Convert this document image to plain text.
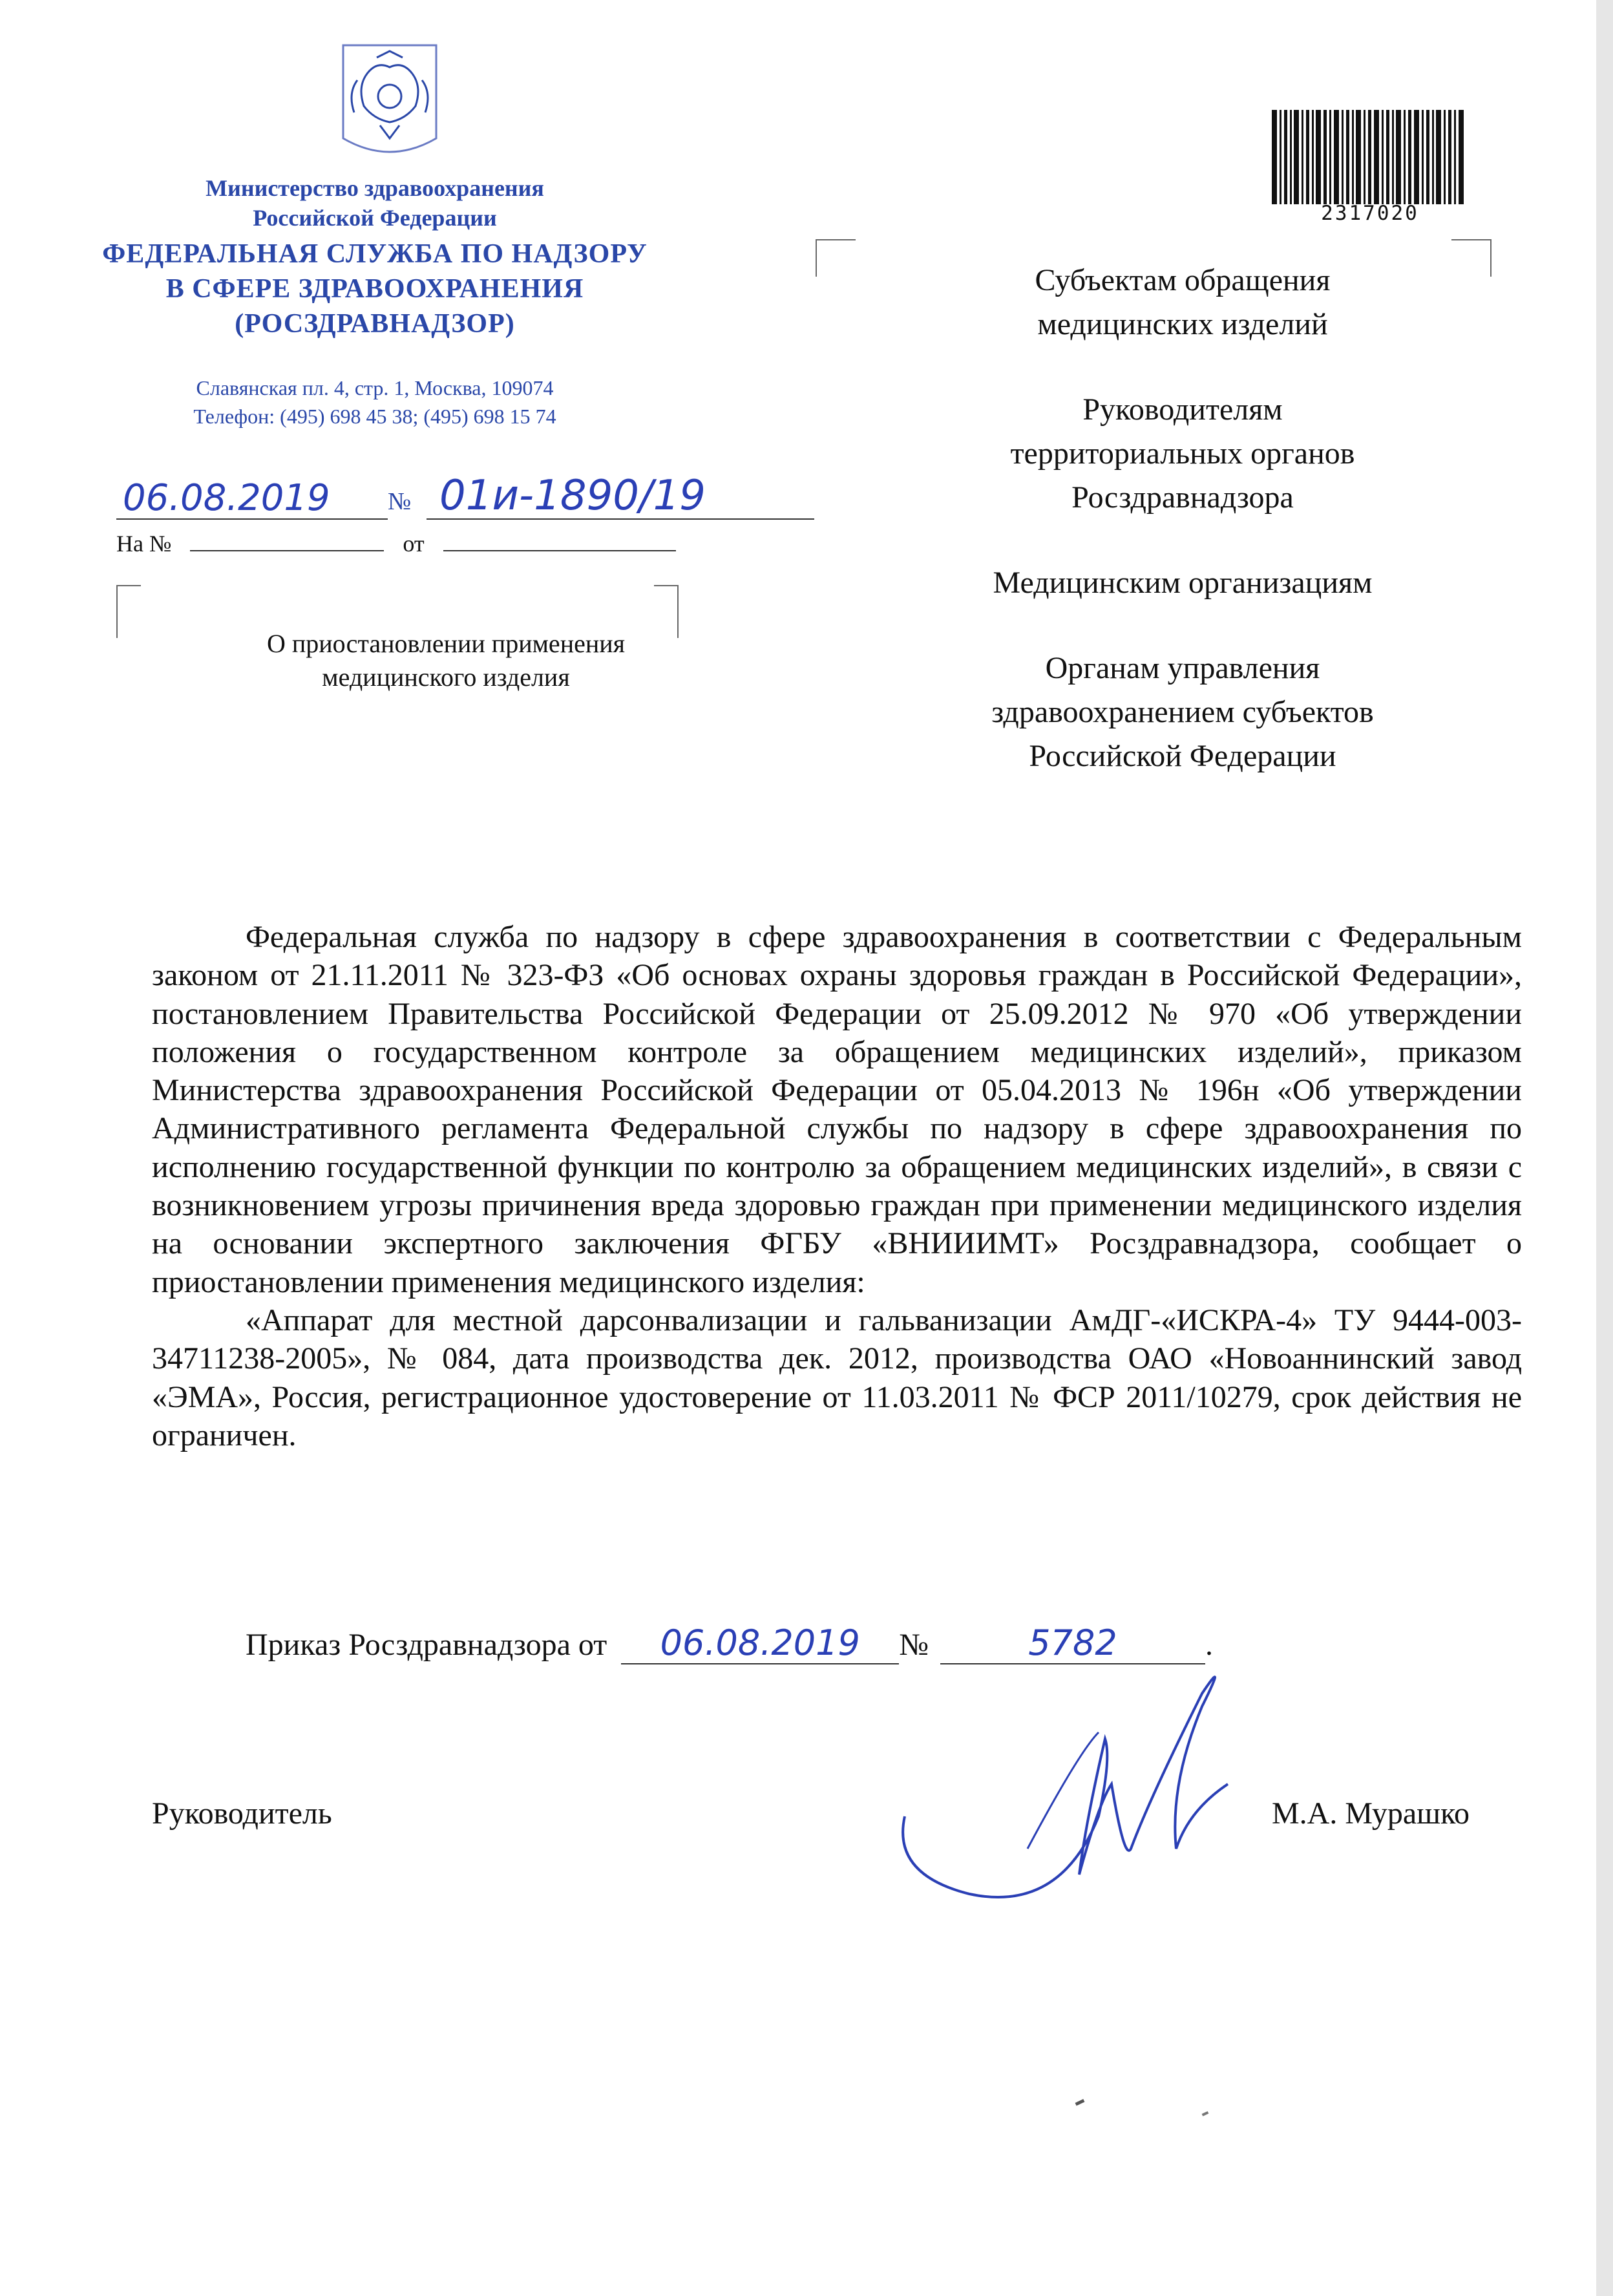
Министерство здравоохранения
Российской Федерации
ФЕДЕРАЛЬНАЯ СЛУЖБА ПО НАДЗОРУ
В СФЕРЕ ЗДРАВООХРАНЕНИЯ
(РОСЗДРАВНАДЗОР)
Славянская пл. 4, стр. 1, Москва, 109074
Телефон: (495) 698 45 38; (495) 698 15 74
06.08.2019 № 01и-1890/19
На №	от
О приостановлении применения
медицинского изделия
2317020

Субъектам обращения
медицинских изделий

Руководителям
территориальных органов
Росздравнадзора

Медицинским организациям

Органам управления
здравоохранением субъектов
Российской Федерации

Федеральная служба по надзору в сфере здравоохранения в соответствии с Федеральным законом от 21.11.2011 № 323-ФЗ «Об основах охраны здоровья граждан в Российской Федерации», постановлением Правительства Российской Федерации от 25.09.2012 № 970 «Об утверждении положения о государственном контроле за обращением медицинских изделий», приказом Министерства здравоохранения Российской Федерации от 05.04.2013 № 196н «Об утверждении Административного регламента Федеральной службы по надзору в сфере здравоохранения по исполнению государственной функции по контролю за обращением медицинских изделий», в связи с возникновением угрозы причинения вреда здоровью граждан при применении медицинского изделия на основании экспертного заключения ФГБУ «ВНИИИМТ» Росздравнадзора, сообщает о приостановлении применения медицинского изделия:

«Аппарат для местной дарсонвализации и гальванизации АмДГ-«ИСКРА-4» ТУ 9444-003-34711238-2005», № 084, дата производства дек. 2012, производства ОАО «Новоаннинский завод «ЭМА», Россия, регистрационное удостоверение от 11.03.2011 № ФСР 2011/10279, срок действия не ограничен.

Приказ Росздравнадзора от 06.08.2019 №	5782	.
Руководитель	М.А. Мурашко
